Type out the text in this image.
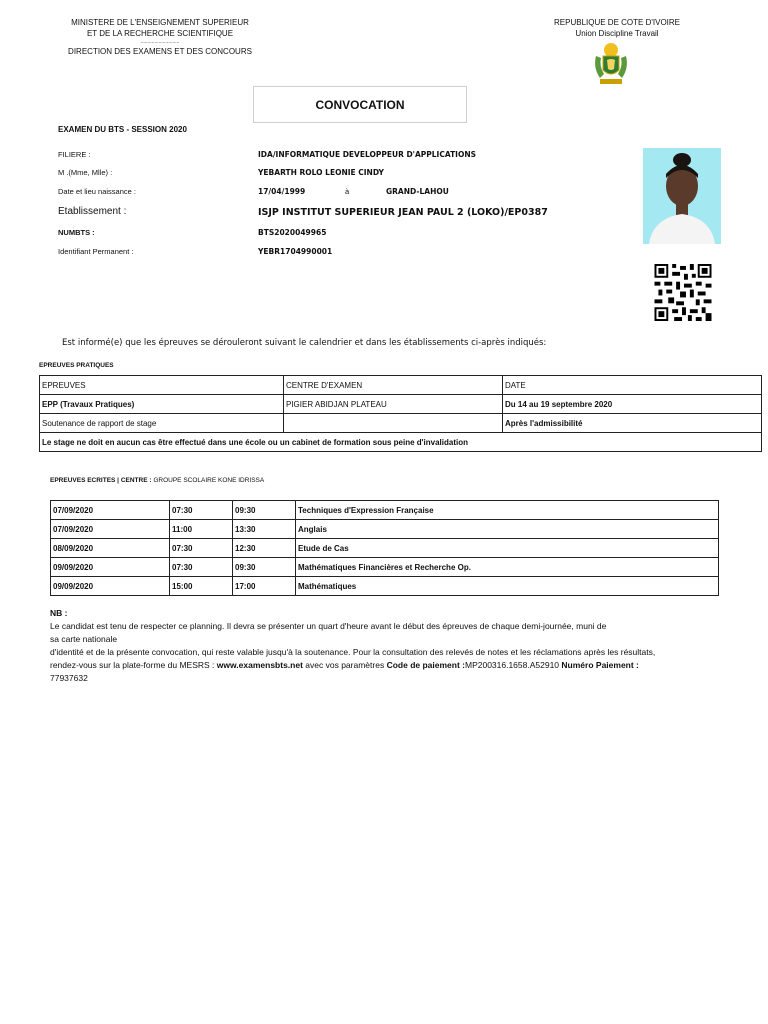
MINISTERE DE L'ENSEIGNEMENT SUPERIEUR
ET DE LA RECHERCHE SCIENTIFIQUE
............................
DIRECTION DES EXAMENS ET DES CONCOURS
REPUBLIQUE DE COTE D'IVOIRE
Union Discipline Travail
CONVOCATION
EXAMEN DU BTS - SESSION 2020
FILIERE :	IDA/INFORMATIQUE DEVELOPPEUR D'APPLICATIONS
M .(Mme, Mlle) :	YEBARTH ROLO LEONIE CINDY
Date et lieu naissance :	17/04/1999	à	GRAND-LAHOU
Etablissement :	ISJP INSTITUT SUPERIEUR JEAN PAUL 2 (LOKO)/EP0387
NUMBTS :	BTS2020049965
Identifiant Permanent :	YEBR1704990001
Est informé(e) que les épreuves se dérouleront suivant le calendrier et dans les établissements ci-après indiqués:
EPREUVES PRATIQUES
EPREUVES	CENTRE D'EXAMEN	DATE
EPP (Travaux Pratiques)	PIGIER ABIDJAN PLATEAU	Du 14 au 19 septembre 2020
Soutenance de rapport de stage		Après l'admissibilité
Le stage ne doit en aucun cas être effectué dans une école ou un cabinet de formation sous peine d'invalidation		
EPREUVES ECRITES | CENTRE : GROUPE SCOLAIRE KONE IDRISSA
07/09/2020	07:30	09:30	Techniques d'Expression Française
07/09/2020	11:00	13:30	Anglais
08/09/2020	07:30	12:30	Etude de Cas
09/09/2020	07:30	09:30	Mathématiques Financières et Recherche Op.
09/09/2020	15:00	17:00	Mathématiques
NB :
Le candidat est tenu de respecter ce planning. Il devra se présenter un quart d'heure avant le début des épreuves de chaque demi-journée, muni de
sa carte nationale
d'identité et de la présente convocation, qui reste valable jusqu'à la soutenance. Pour la consultation des relevés de notes et les réclamations après les résultats,
rendez-vous sur la plate-forme du MESRS : www.examensbts.net avec vos paramètres Code de paiement :MP200316.1658.A52910 Numéro Paiement :
77937632
